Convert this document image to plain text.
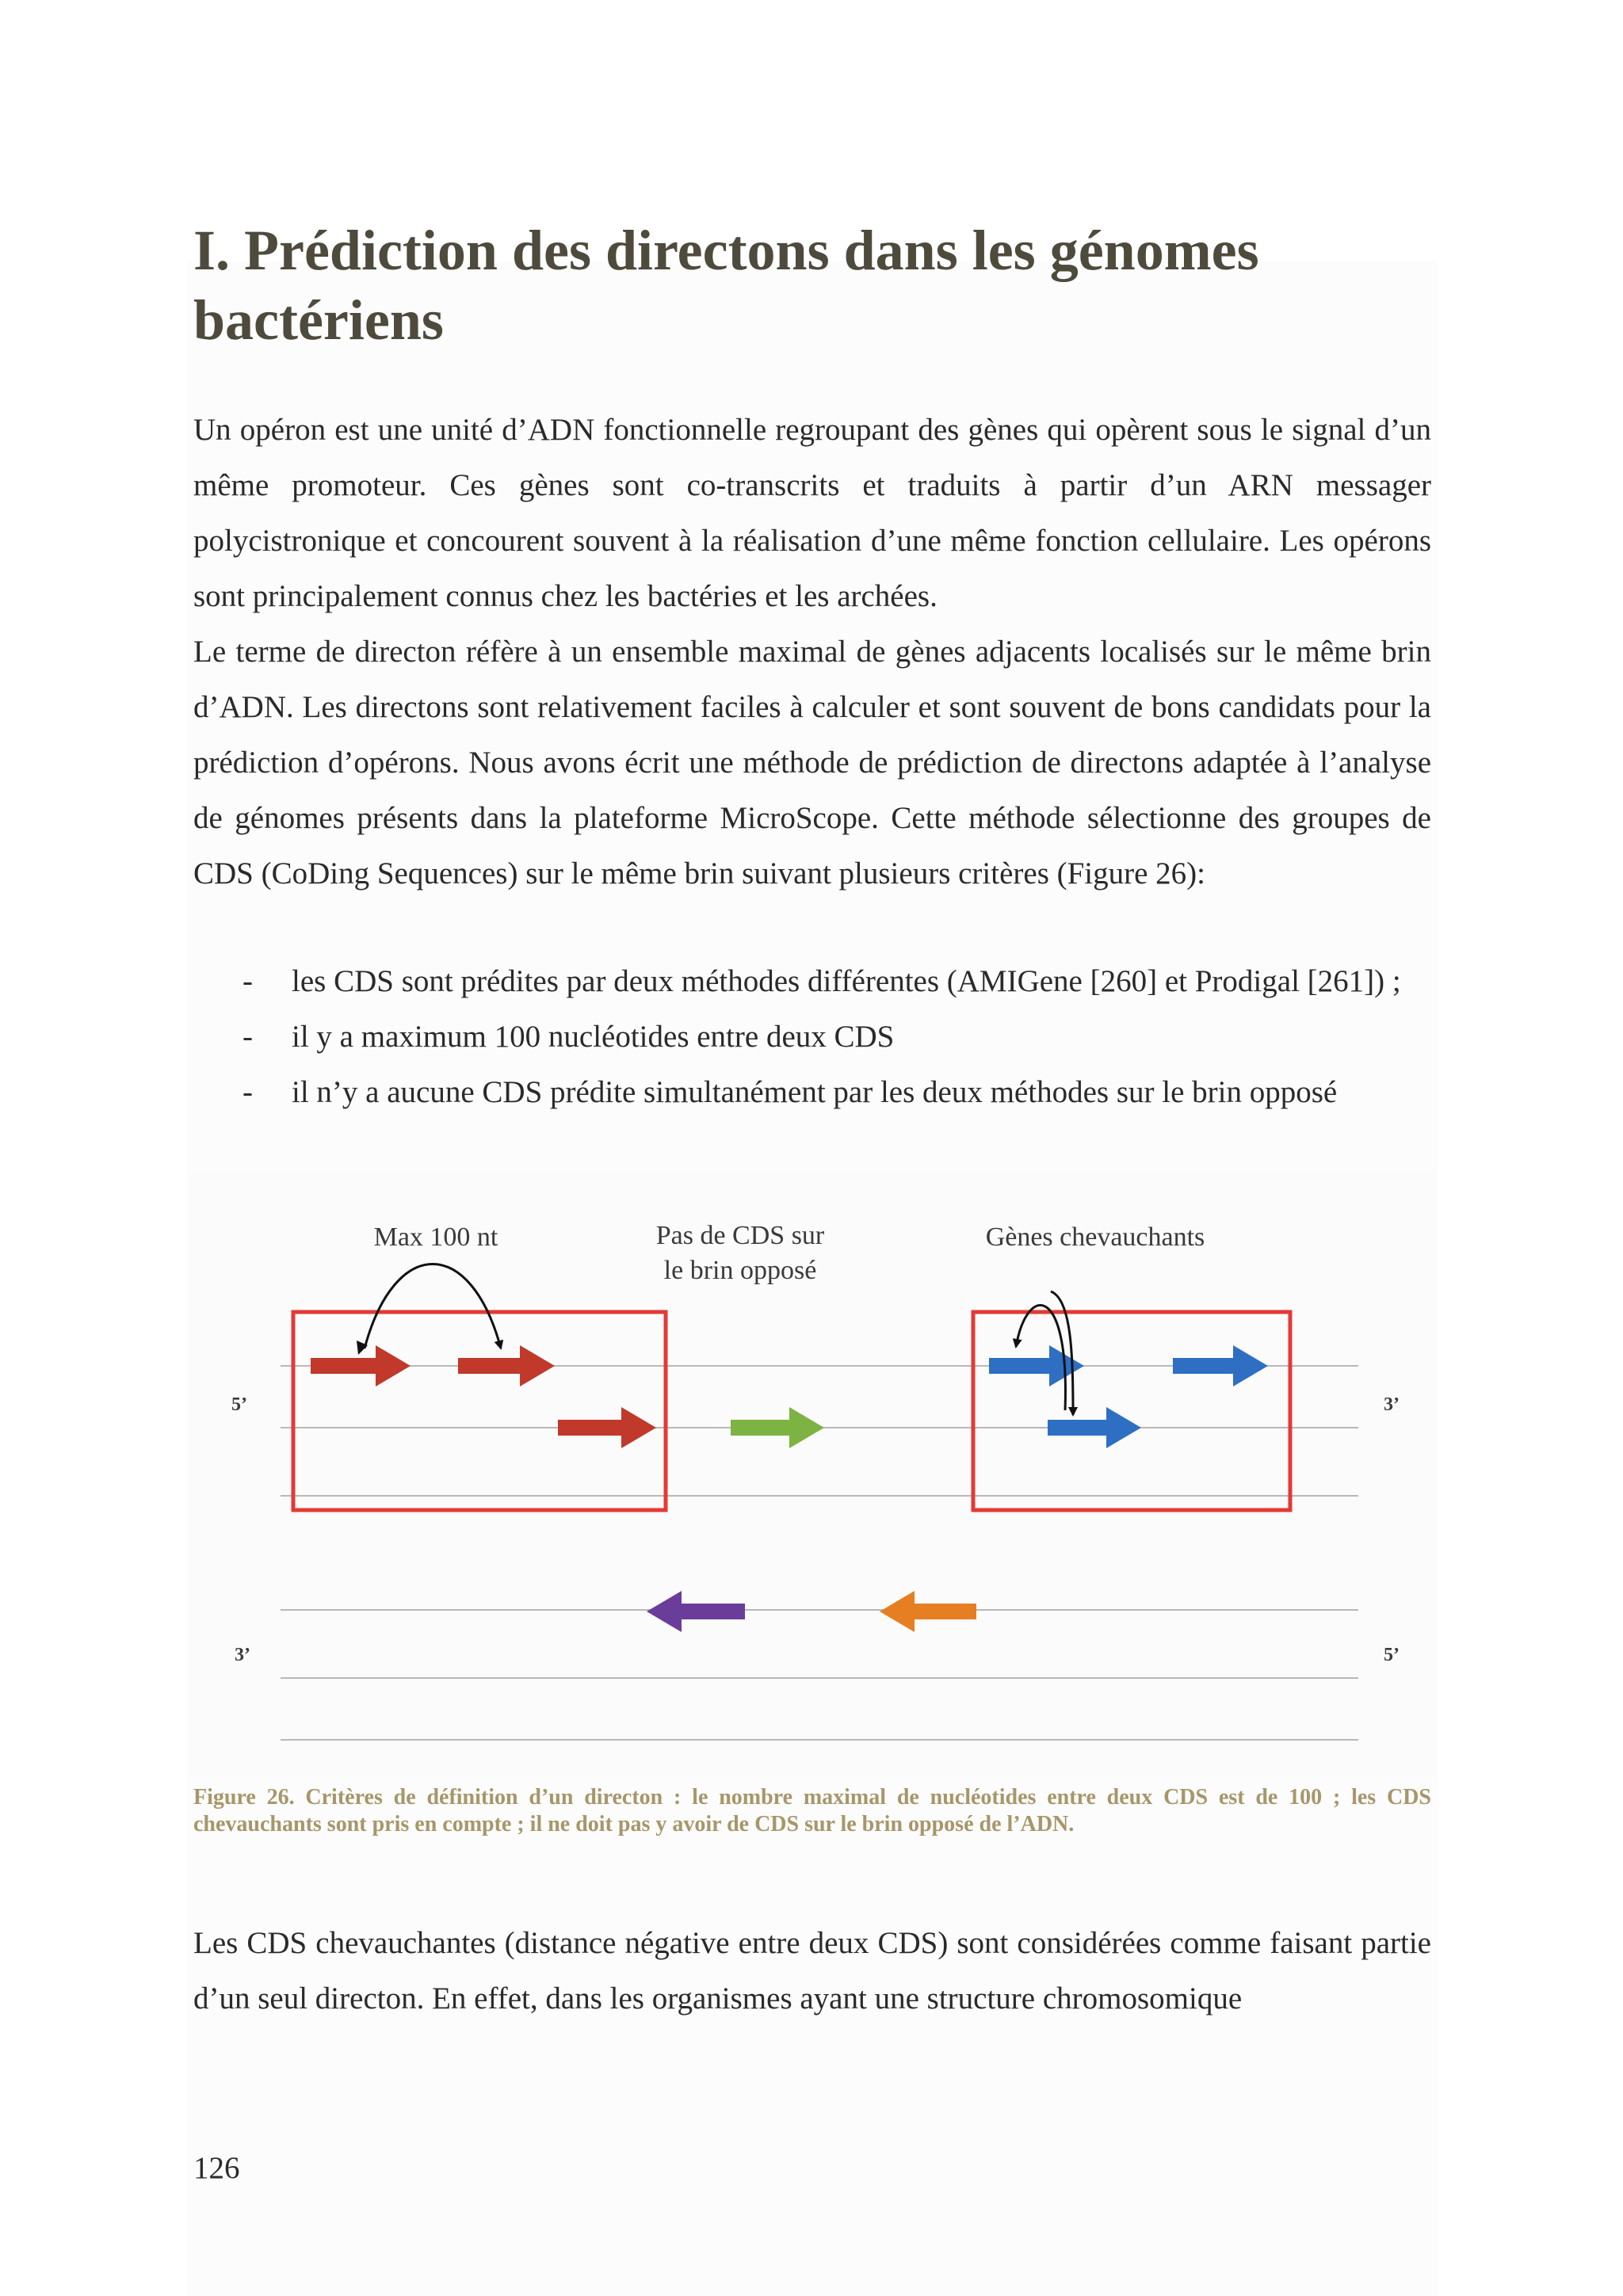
I. Prédiction des directons dans les génomes bactériens

Un opéron est une unité d’ADN fonctionnelle regroupant des gènes qui opèrent sous le signal d’un même promoteur. Ces gènes sont co-transcrits et traduits à partir d’un ARN messager polycistronique et concourent souvent à la réalisation d’une même fonction cellulaire. Les opérons sont principalement connus chez les bactéries et les archées.

Le terme de directon réfère à un ensemble maximal de gènes adjacents localisés sur le même brin d’ADN. Les directons sont relativement faciles à calculer et sont souvent de bons candidats pour la prédiction d’opérons. Nous avons écrit une méthode de prédiction de directons adaptée à l’analyse de génomes présents dans la plateforme MicroScope. Cette méthode sélectionne des groupes de CDS (CoDing Sequences) sur le même brin suivant plusieurs critères (Figure 26):

- les CDS sont prédites par deux méthodes différentes (AMIGene [260] et Prodigal [261]) ;
- il y a maximum 100 nucléotides entre deux CDS
- il n’y a aucune CDS prédite simultanément par les deux méthodes sur le brin opposé
5’	3’
3’	5’
Max 100 nt	Pas de CDS sur
le brin opposé
Gènes chevauchants

Figure 26. Critères de définition d’un directon : le nombre maximal de nucléotides entre deux CDS est de 100 ; les CDS chevauchants sont pris en compte ; il ne doit pas y avoir de CDS sur le brin opposé de l’ADN.

Les CDS chevauchantes (distance négative entre deux CDS) sont considérées comme faisant partie d’un seul directon. En effet, dans les organismes ayant une structure chromosomique

126
